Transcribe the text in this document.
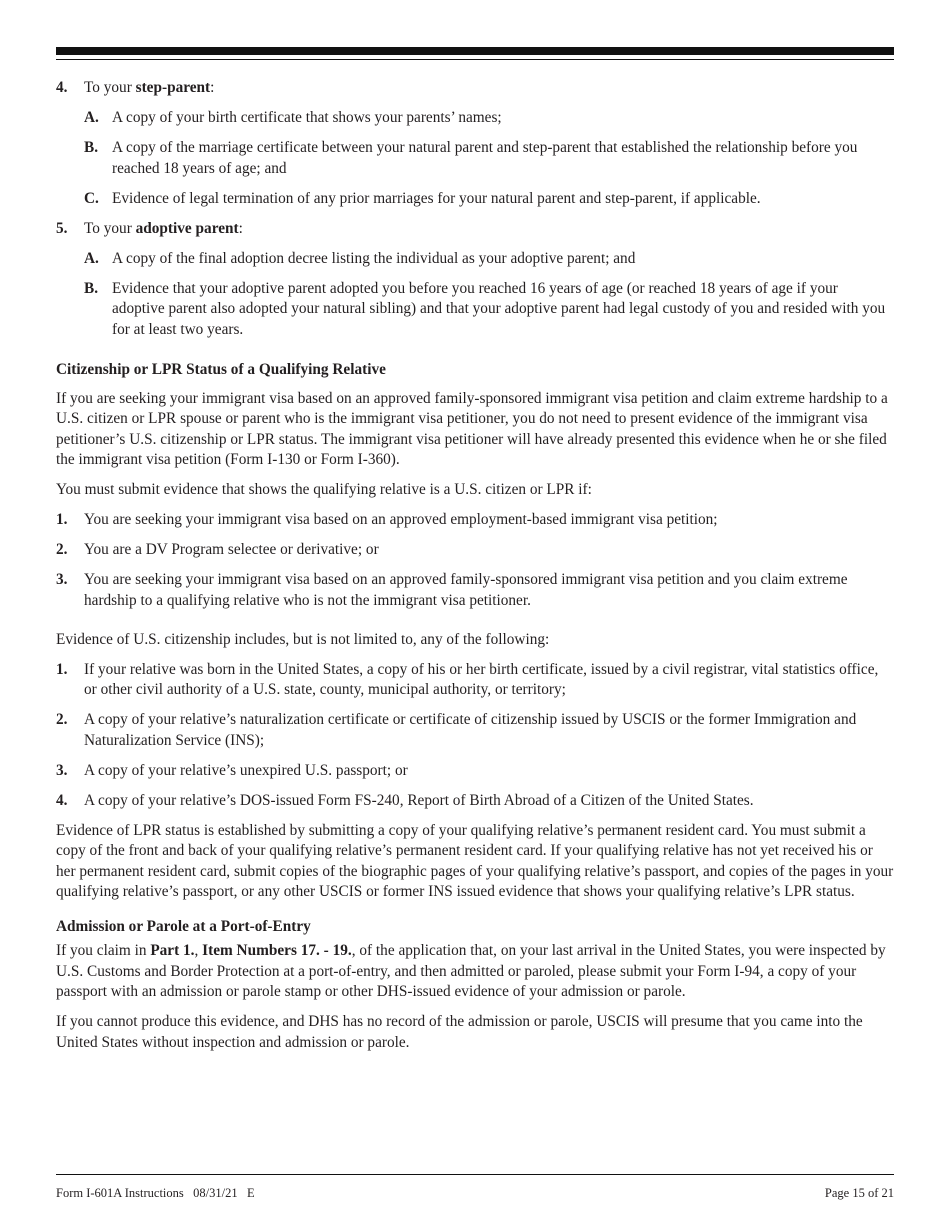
4. To your step-parent:
A. A copy of your birth certificate that shows your parents’ names;
B. A copy of the marriage certificate between your natural parent and step-parent that established the relationship before you reached 18 years of age; and
C. Evidence of legal termination of any prior marriages for your natural parent and step-parent, if applicable.
5. To your adoptive parent:
A. A copy of the final adoption decree listing the individual as your adoptive parent; and
B. Evidence that your adoptive parent adopted you before you reached 16 years of age (or reached 18 years of age if your adoptive parent also adopted your natural sibling) and that your adoptive parent had legal custody of you and resided with you for at least two years.
Citizenship or LPR Status of a Qualifying Relative
If you are seeking your immigrant visa based on an approved family-sponsored immigrant visa petition and claim extreme hardship to a U.S. citizen or LPR spouse or parent who is the immigrant visa petitioner, you do not need to present evidence of the immigrant visa petitioner’s U.S. citizenship or LPR status. The immigrant visa petitioner will have already presented this evidence when he or she filed the immigrant visa petition (Form I-130 or Form I-360).
You must submit evidence that shows the qualifying relative is a U.S. citizen or LPR if:
1. You are seeking your immigrant visa based on an approved employment-based immigrant visa petition;
2. You are a DV Program selectee or derivative; or
3. You are seeking your immigrant visa based on an approved family-sponsored immigrant visa petition and you claim extreme hardship to a qualifying relative who is not the immigrant visa petitioner.
Evidence of U.S. citizenship includes, but is not limited to, any of the following:
1. If your relative was born in the United States, a copy of his or her birth certificate, issued by a civil registrar, vital statistics office, or other civil authority of a U.S. state, county, municipal authority, or territory;
2. A copy of your relative’s naturalization certificate or certificate of citizenship issued by USCIS or the former Immigration and Naturalization Service (INS);
3. A copy of your relative’s unexpired U.S. passport; or
4. A copy of your relative’s DOS-issued Form FS-240, Report of Birth Abroad of a Citizen of the United States.
Evidence of LPR status is established by submitting a copy of your qualifying relative’s permanent resident card. You must submit a copy of the front and back of your qualifying relative’s permanent resident card. If your qualifying relative has not yet received his or her permanent resident card, submit copies of the biographic pages of your qualifying relative’s passport, and copies of the pages in your qualifying relative’s passport, or any other USCIS or former INS issued evidence that shows your qualifying relative’s LPR status.
Admission or Parole at a Port-of-Entry
If you claim in Part 1., Item Numbers 17. - 19., of the application that, on your last arrival in the United States, you were inspected by U.S. Customs and Border Protection at a port-of-entry, and then admitted or paroled, please submit your Form I-94, a copy of your passport with an admission or parole stamp or other DHS-issued evidence of your admission or parole.
If you cannot produce this evidence, and DHS has no record of the admission or parole, USCIS will presume that you came into the United States without inspection and admission or parole.
Form I-601A Instructions   08/31/21   E	Page 15 of 21
